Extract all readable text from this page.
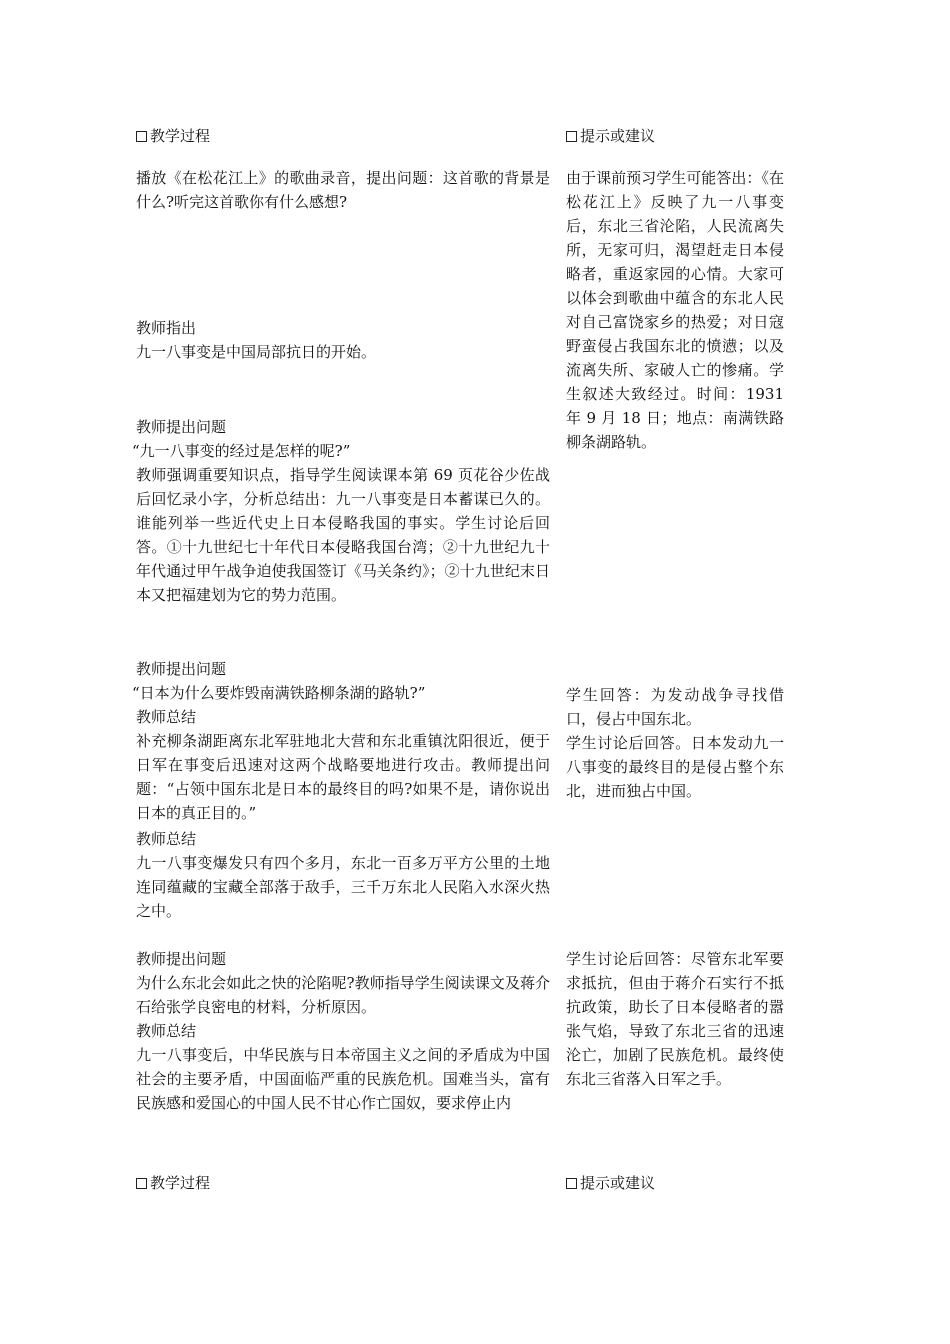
教学过程	提示或建议
播放《在松花江上》的歌曲录音，提出问题：这首歌的背景是什么?听完这首歌你有什么感想?
教师指出
九一八事变是中国局部抗日的开始。
教师提出问题
“九一八事变的经过是怎样的呢?”
教师强调重要知识点，指导学生阅读课本第 69 页花谷少佐战后回忆录小字，分析总结出：九一八事变是日本蓄谋已久的。谁能列举一些近代史上日本侵略我国的事实。学生讨论后回答。①十九世纪七十年代日本侵略我国台湾；②十九世纪九十年代通过甲午战争迫使我国签订《马关条约》；②十九世纪末日本又把福建划为它的势力范围。
教师提出问题
“日本为什么要炸毁南满铁路柳条湖的路轨?”
教师总结
补充柳条湖距离东北军驻地北大营和东北重镇沈阳很近，便于日军在事变后迅速对这两个战略要地进行攻击。教师提出问题：“占领中国东北是日本的最终目的吗?如果不是，请你说出日本的真正目的。”
教师总结
九一八事变爆发只有四个多月，东北一百多万平方公里的土地连同蕴藏的宝藏全部落于敌手，三千万东北人民陷入水深火热之中。
教师提出问题
为什么东北会如此之快的沦陷呢?教师指导学生阅读课文及蒋介石给张学良密电的材料，分析原因。
教师总结
九一八事变后，中华民族与日本帝国主义之间的矛盾成为中国社会的主要矛盾，中国面临严重的民族危机。国难当头，富有民族感和爱国心的中国人民不甘心作亡国奴，要求停止内
由于课前预习学生可能答出：《在松花江上》反映了九一八事变后，东北三省沦陷，人民流离失所，无家可归，渴望赶走日本侵略者，重返家园的心情。大家可以体会到歌曲中蕴含的东北人民对自己富饶家乡的热爱；对日寇野蛮侵占我国东北的愤懑；以及流离失所、家破人亡的惨痛。学生叙述大致经过。时间：1931 年 9 月 18 日；地点：南满铁路柳条湖路轨。
学生回答：为发动战争寻找借口，侵占中国东北。
学生讨论后回答。日本发动九一八事变的最终目的是侵占整个东北，进而独占中国。
学生讨论后回答：尽管东北军要求抵抗，但由于蒋介石实行不抵抗政策，助长了日本侵略者的嚣张气焰，导致了东北三省的迅速沦亡，加剧了民族危机。最终使东北三省落入日军之手。
教学过程	提示或建议
